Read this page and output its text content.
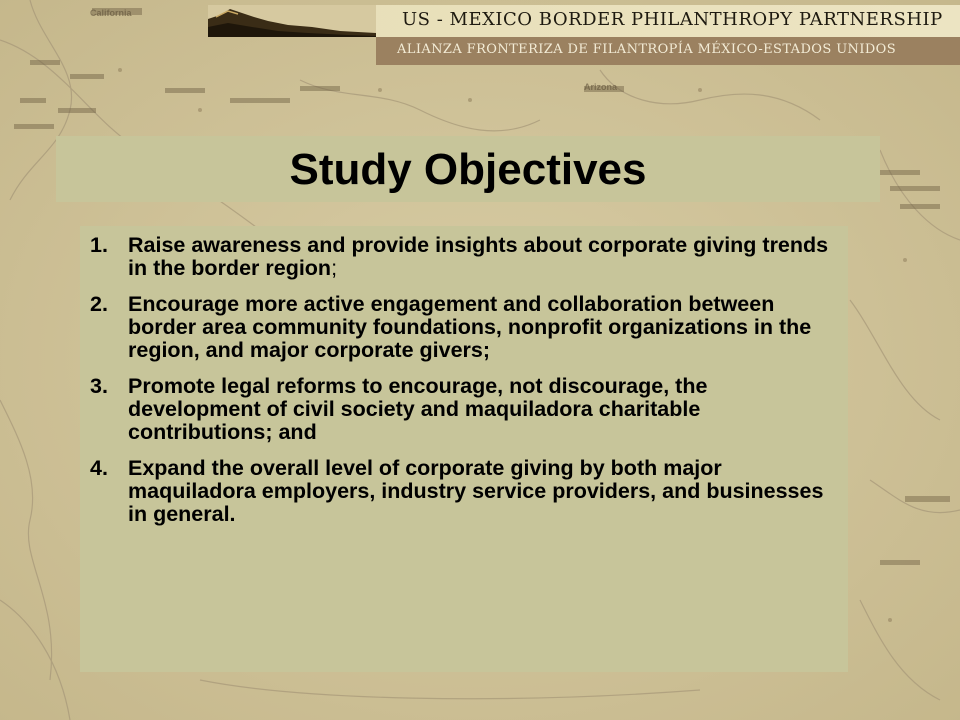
US - MEXICO BORDER PHILANTHROPY PARTNERSHIP
ALIANZA FRONTERIZA DE FILANTROPÍA MÉXICO-ESTADOS UNIDOS
Study Objectives
1. Raise awareness and provide insights about corporate giving trends in the border region;
2. Encourage more active engagement and collaboration between border area community foundations, nonprofit organizations in the region, and major corporate givers;
3. Promote legal reforms to encourage, not discourage, the development of civil society and maquiladora charitable contributions; and
4. Expand the overall level of corporate giving by both major maquiladora employers, industry service providers, and businesses in general.
California
Arizona
